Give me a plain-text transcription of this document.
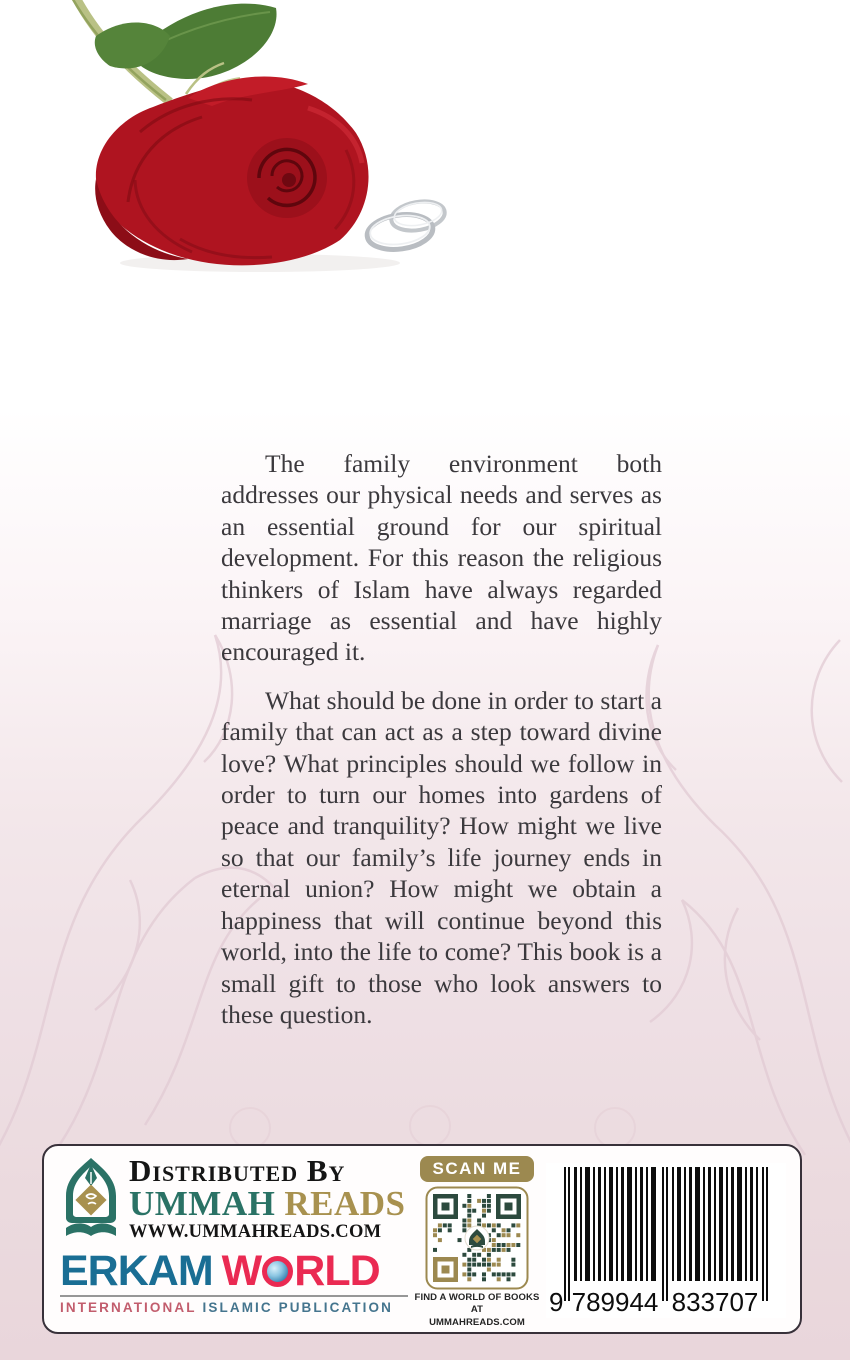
The family environment both addresses our physical needs and serves as an essential ground for our spiritual development. For this reason the religious thinkers of Islam have always regarded marriage as essential and have highly encouraged it.

What should be done in order to start a family that can act as a step toward divine love? What principles should we follow in order to turn our homes into gardens of peace and tranquility? How might we live so that our family’s life journey ends in eternal union? How might we obtain a happiness that will continue beyond this world, into the life to come? This book is a small gift to those who look answers to these question.

Distributed By
UMMAH READS
WWW.UMMAHREADS.COM
ERKAM W RLD
INTERNATIONAL ISLAMIC PUBLICATION
SCAN ME
FIND A WORLD OF BOOKS AT
UMMAHREADS.COM
9 789944 833707
